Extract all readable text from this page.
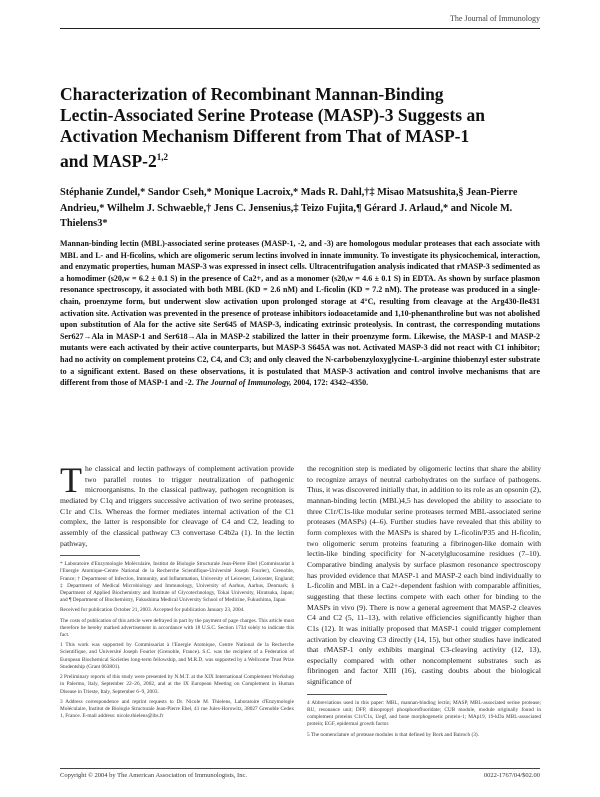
The Journal of Immunology
Characterization of Recombinant Mannan-Binding Lectin-Associated Serine Protease (MASP)-3 Suggests an Activation Mechanism Different from That of MASP-1 and MASP-2$^{1,2}$
Stéphanie Zundel,* Sandor Cseh,* Monique Lacroix,* Mads R. Dahl,†‡ Misao Matsushita,§ Jean-Pierre Andrieu,* Wilhelm J. Schwaeble,† Jens C. Jensenius,‡ Teizo Fujita,¶ Gérard J. Arlaud,* and Nicole M. Thielens3*
Mannan-binding lectin (MBL)-associated serine proteases (MASP-1, -2, and -3) are homologous modular proteases that each associate with MBL and L- and H-ficolins, which are oligomeric serum lectins involved in innate immunity. To investigate its physicochemical, interaction, and enzymatic properties, human MASP-3 was expressed in insect cells. Ultracentrifugation analysis indicated that rMASP-3 sedimented as a homodimer (s20,w = 6.2 ± 0.1 S) in the presence of Ca2+, and as a monomer (s20,w = 4.6 ± 0.1 S) in EDTA. As shown by surface plasmon resonance spectroscopy, it associated with both MBL (KD = 2.6 nM) and L-ficolin (KD = 7.2 nM). The protease was produced in a single-chain, proenzyme form, but underwent slow activation upon prolonged storage at 4°C, resulting from cleavage at the Arg430-Ile431 activation site. Activation was prevented in the presence of protease inhibitors iodoacetamide and 1,10-phenanthroline but was not abolished upon substitution of Ala for the active site Ser645 of MASP-3, indicating extrinsic proteolysis. In contrast, the corresponding mutations Ser627→Ala in MASP-1 and Ser618→Ala in MASP-2 stabilized the latter in their proenzyme form. Likewise, the MASP-1 and MASP-2 mutants were each activated by their active counterparts, but MASP-3 S645A was not. Activated MASP-3 did not react with C1 inhibitor; had no activity on complement proteins C2, C4, and C3; and only cleaved the N-carbobenzyloxyglycine-L-arginine thiobenzyl ester substrate to a significant extent. Based on these observations, it is postulated that MASP-3 activation and control involve mechanisms that are different from those of MASP-1 and -2. The Journal of Immunology, 2004, 172: 4342–4350.
The classical and lectin pathways of complement activation provide two parallel routes to trigger neutralization of pathogenic microorganisms. In the classical pathway, pathogen recognition is mediated by C1q and triggers successive activation of two serine proteases, C1r and C1s. Whereas the former mediates internal activation of the C1 complex, the latter is responsible for cleavage of C4 and C2, leading to assembly of the classical pathway C3 convertase C4b2a (1). In the lectin pathway,
* Laboratoire d'Enzymologie Moléculaire, Institut de Biologie Structurale Jean-Pierre Ebel (Commissariat à l'Energie Atomique-Centre National de la Recherche Scientifique-Université Joseph Fourier), Grenoble, France; † Department of Infection, Immunity, and Inflammation, University of Leicester, Leicester, England; ‡ Department of Medical Microbiology and Immunology, University of Aarhus, Aarhus, Denmark; § Department of Applied Biochemistry and Institute of Glycotechnology, Tokai University, Hiratsuka, Japan; and ¶ Department of Biochemistry, Fukushima Medical University School of Medicine, Fukushima, Japan
Received for publication October 21, 2003. Accepted for publication January 23, 2004.
The costs of publication of this article were defrayed in part by the payment of page charges. This article must therefore be hereby marked advertisement in accordance with 18 U.S.C. Section 1734 solely to indicate this fact.
1 This work was supported by Commissariat à l'Energie Atomique, Centre National de la Recherche Scientifique, and Université Joseph Fourier (Grenoble, France). S.C. was the recipient of a Federation of European Biochemical Societies long-term fellowship, and M.R.D. was supported by a Wellcome Trust Prize Studentship (Grant 063801).
2 Preliminary reports of this study were presented by N.M.T. at the XIX International Complement Workshop in Palermo, Italy, September 22–26, 2002, and at the IX European Meeting on Complement in Human Disease in Trieste, Italy, September 6–9, 2003.
3 Address correspondence and reprint requests to Dr. Nicole M. Thielens, Laboratoire d'Enzymologie Moléculaire, Institut de Biologie Structurale Jean-Pierre Ebel, 41 rue Jules-Horowitz, 38027 Grenoble Cedex 1, France. E-mail address: nicole.thielens@ibs.fr
the recognition step is mediated by oligomeric lectins that share the ability to recognize arrays of neutral carbohydrates on the surface of pathogens. Thus, it was discovered initially that, in addition to its role as an opsonin (2), mannan-binding lectin (MBL)4,5 has developed the ability to associate to three C1r/C1s-like modular serine proteases termed MBL-associated serine proteases (MASPs) (4–6). Further studies have revealed that this ability to form complexes with the MASPs is shared by L-ficolin/P35 and H-ficolin, two oligomeric serum proteins featuring a fibrinogen-like domain with lectin-like binding specificity for N-acetylglucosamine residues (7–10). Comparative binding analysis by surface plasmon resonance spectroscopy has provided evidence that MASP-1 and MASP-2 each bind individually to L-ficolin and MBL in a Ca2+-dependent fashion with comparable affinities, suggesting that these lectins compete with each other for binding to the MASPs in vivo (9). There is now a general agreement that MASP-2 cleaves C4 and C2 (5, 11–13), with relative efficiencies significantly higher than C1s (12). It was initially proposed that MASP-1 could trigger complement activation by cleaving C3 directly (14, 15), but other studies have indicated that rMASP-1 only exhibits marginal C3-cleaving activity (12, 13), especially compared with other noncomplement substrates such as fibrinogen and factor XIII (16), casting doubts about the biological significance of
4 Abbreviations used in this paper: MBL, mannan-binding lectin; MASP, MBL-associated serine protease; RU, resonance unit; DFP, diisopropyl phosphorofluoridate; CUB module, module originally found in complement proteins C1r/C1s, Uegf, and bone morphogenetic protein-1; MAp19, 19-kDa MBL-associated protein; EGF, epidermal growth factor.
5 The nomenclature of protease modules is that defined by Bork and Bairoch (3).
Copyright © 2004 by The American Association of Immunologists, Inc.	0022-1767/04/$02.00
